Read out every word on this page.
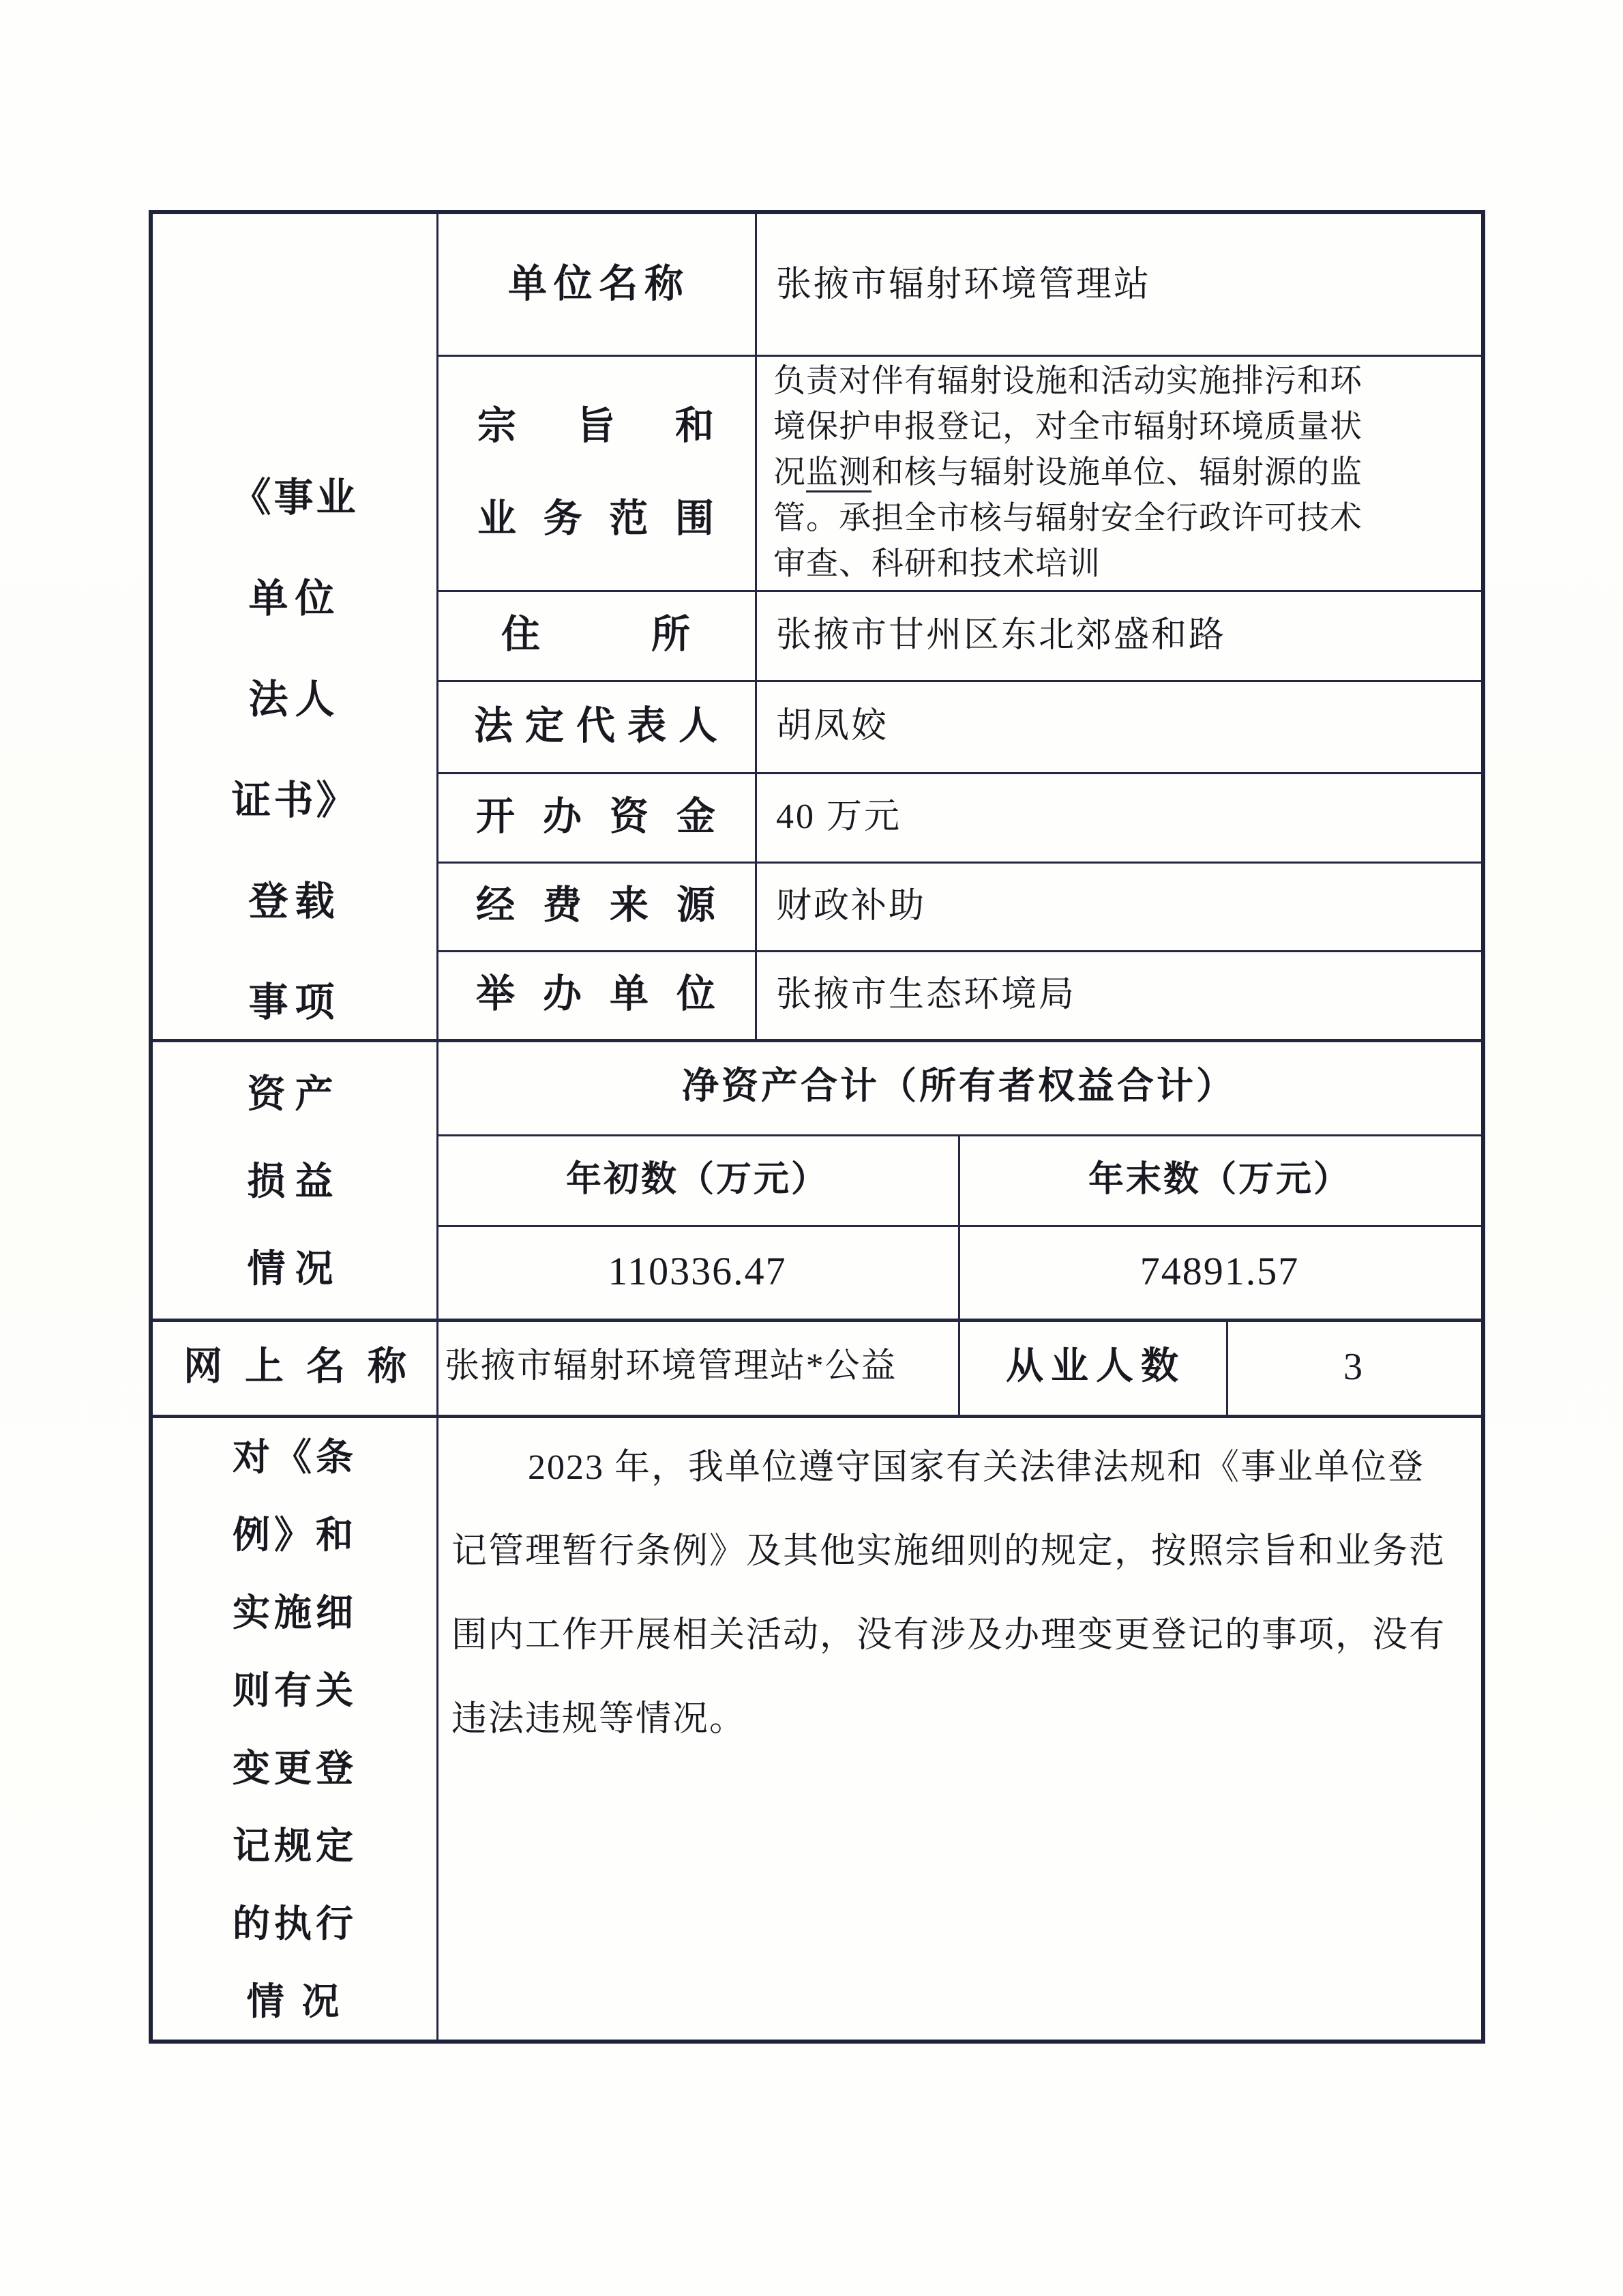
《事业
单位
法人
证书》
登载
事项
单位名称	张掖市辐射环境管理站
宗旨和
业务范围
负责对伴有辐射设施和活动实施排污和环
境保护申报登记，对全市辐射环境质量状
况监测和核与辐射设施单位、辐射源的监
管。承担全市核与辐射安全行政许可技术
审查、科研和技术培训
住所 张掖市甘州区东北郊盛和路
法定代表人 胡凤姣
开办资金 40 万元
经费来源 财政补助
举办单位 张掖市生态环境局
资产
损益
情况
净资产合计（所有者权益合计）
年初数（万元）	年末数（万元）
110336.47	74891.57
网上名称 张掖市辐射环境管理站*公益	从业人数	3
对《条
例》和
实施细
则有关
变更登
记规定
的执行
情 况
2023 年，我单位遵守国家有关法律法规和《事业单位登
记管理暂行条例》及其他实施细则的规定，按照宗旨和业务范
围内工作开展相关活动，没有涉及办理变更登记的事项，没有
违法违规等情况。
